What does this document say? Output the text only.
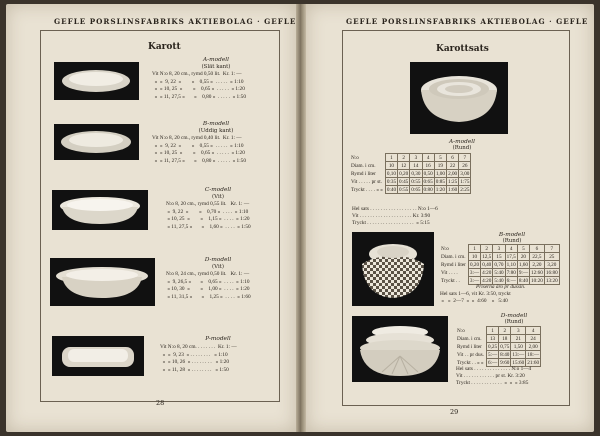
GEFLE PORSLINSFABRIKS AKTIEBOLAG · GEFLE
Karott
A-modell
(Slät kant)
Vit N:o 8, 20 cm., rymd 0,50 lit.  Kr. 1: —
»  »  9, 22  »        »    0,55 »  . . . . .  » 1:10
»  » 10, 25  »        »    0,65 »  . . . . .  » 1:20
»  » 11, 27,5 »       »    0,80 »  . . . . .  » 1:50
B-modell
(Uddig kant)
Vit N:o 8, 20 cm., rymd 0,40 lit.  Kr. 1: —
»  »  9, 22  »        »    0,55 »  . . . . .  » 1:10
»  » 10, 25  »        »    0,65 »  . . . . .  » 1:20
»  » 11, 27,5 »       »    0,80 »  . . . . .  » 1:50
C-modell
(Vit)
N:o 8, 20 cm., rymd 0,55 lit.   Kr. 1: —
»  9, 22  »        »    0,70 »  . . . .  » 1:10
» 10, 25  »        »    1,15 »  . . . .  » 1:20
» 11, 27,5 »       »    1,60 »  . . . .  » 1:50
D-modell
(Vit)
N:o 8, 24 cm., rymd 0,50 lit.   Kr. 1: —
»  9, 26,5 »       »    0,65 »  . . . .  » 1:10
» 10, 30  »        »    1,00 »  . . . .  » 1:20
» 11, 31,5 »       »    1,25 »  . . . .  » 1:60
P-modell
Vit N:o 8, 20 cm. . . . . . . .  Kr. 1: —
»  »  9, 23  » . . . . . . . .   » 1:10
»  » 10, 26  » . . . . . . . .   » 1:20
»  » 11, 28  » . . . . . . . .   » 1:50
28
GEFLE PORSLINSFABRIKS AKTIEBOLAG · GEFLE
Karottsats
A-modell
(Rund)
N:o	1	2	3	4	5	6	7
Diam. i cm.	10	12	14	16	19	22	26
Rymd i liter	0,10	0,20	0,30	0,50	1,00	2,00	3,00
Vit . . . . . pr st.	0:35	0:45	0:55	0:65	0:85	1:25	1:75
Tryckt . . . . » »	0:40	0:55	0:65	0:80	1:20	1:60	2:25
Hel sats . . . . . . . . . . . . . . . . . . N:o 1—6
Vit . . . . . . . . . . . . . . . . . . . . Kr. 3:90
Tryckt . . . . . . . . . . . . . . . . . .  » 5:15
B-modell
(Rund)
N:o	1	2	3	4	5	6	7
Diam. i cm.	10	12,5	15	17,5	20	22,5	25
Rymd i liter	0,20	0,40	0,70	1,10	1,60	2,20	3,20
Vit . . . .	3:—	4:20	5:40	7:80	9:—	12:60	16:80
Tryckt . .	3:—	4:20	5:40	6:—	8:40	10:20	13:20
Priserna äro pr dussin.
Hel sats 1—6, vit Kr. 3:50, tryckt
»   »  2—7  »  »  4:60    »   5:40
D-modell
(Rund)
N:o	1	2	3	4
Diam. i cm.	13	18	21	24
Rymd i liter	0,25	0,75	1,50	2,00
Vit . . pr dus.	5:—	8:40	13:—	18:—
Tryckt . . » »	6:—	9:60	15:60	21:60
Hel sats . . . . . . . . . . . . . . N:o 1—4
Vit . . . . . . . . . . . . pr st. Kr. 3:20
Tryckt . . . . . . . . . . . .  »  »  » 3:85
29
